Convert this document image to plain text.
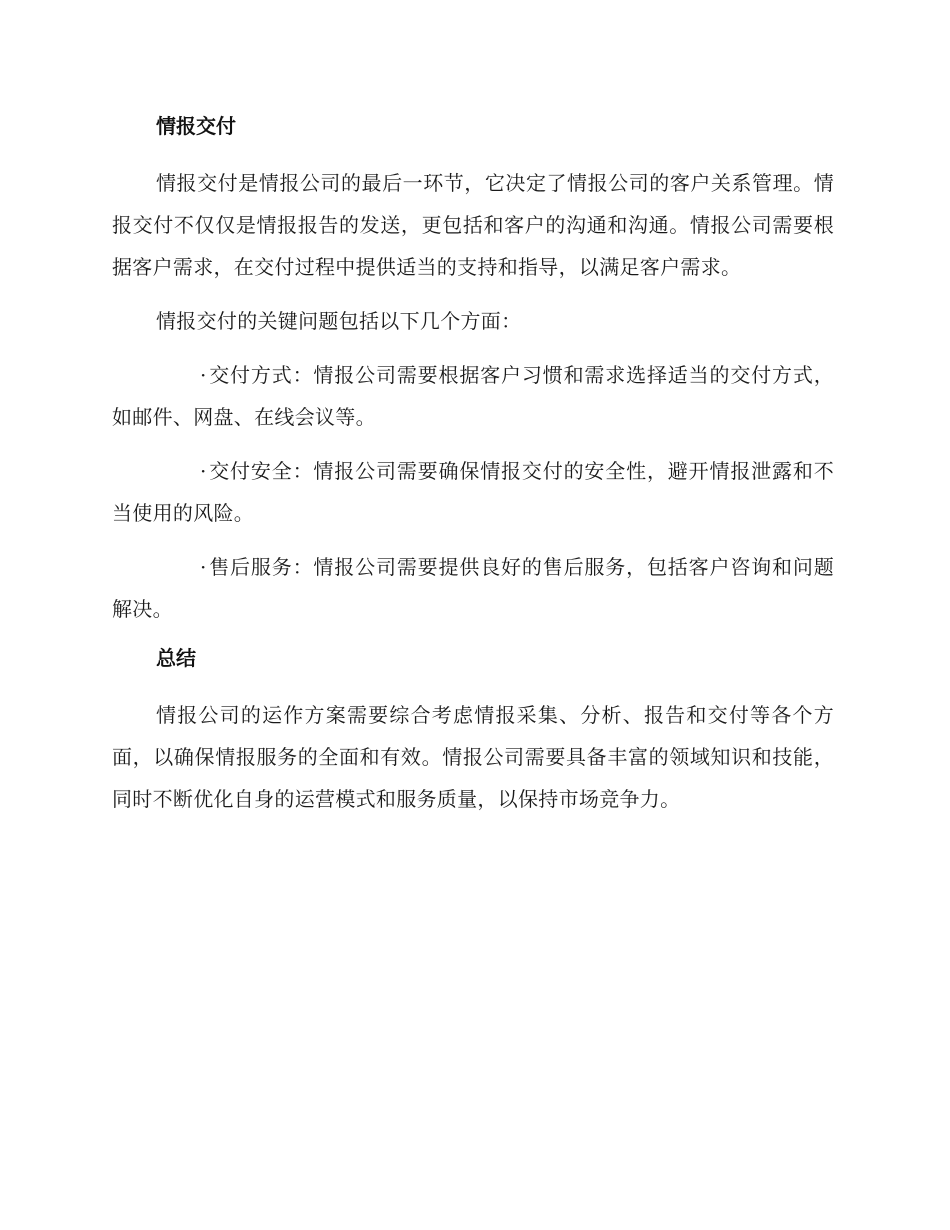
情报交付

情报交付是情报公司的最后一环节，它决定了情报公司的客户关系管理。情报交付不仅仅是情报报告的发送，更包括和客户的沟通和沟通。情报公司需要根据客户需求，在交付过程中提供适当的支持和指导，以满足客户需求。

情报交付的关键问题包括以下几个方面：

· 交付方式：情报公司需要根据客户习惯和需求选择适当的交付方式，如邮件、网盘、在线会议等。

· 交付安全：情报公司需要确保情报交付的安全性，避开情报泄露和不当使用的风险。

· 售后服务：情报公司需要提供良好的售后服务，包括客户咨询和问题解决。

总结

情报公司的运作方案需要综合考虑情报采集、分析、报告和交付等各个方面，以确保情报服务的全面和有效。情报公司需要具备丰富的领域知识和技能，同时不断优化自身的运营模式和服务质量，以保持市场竞争力。
